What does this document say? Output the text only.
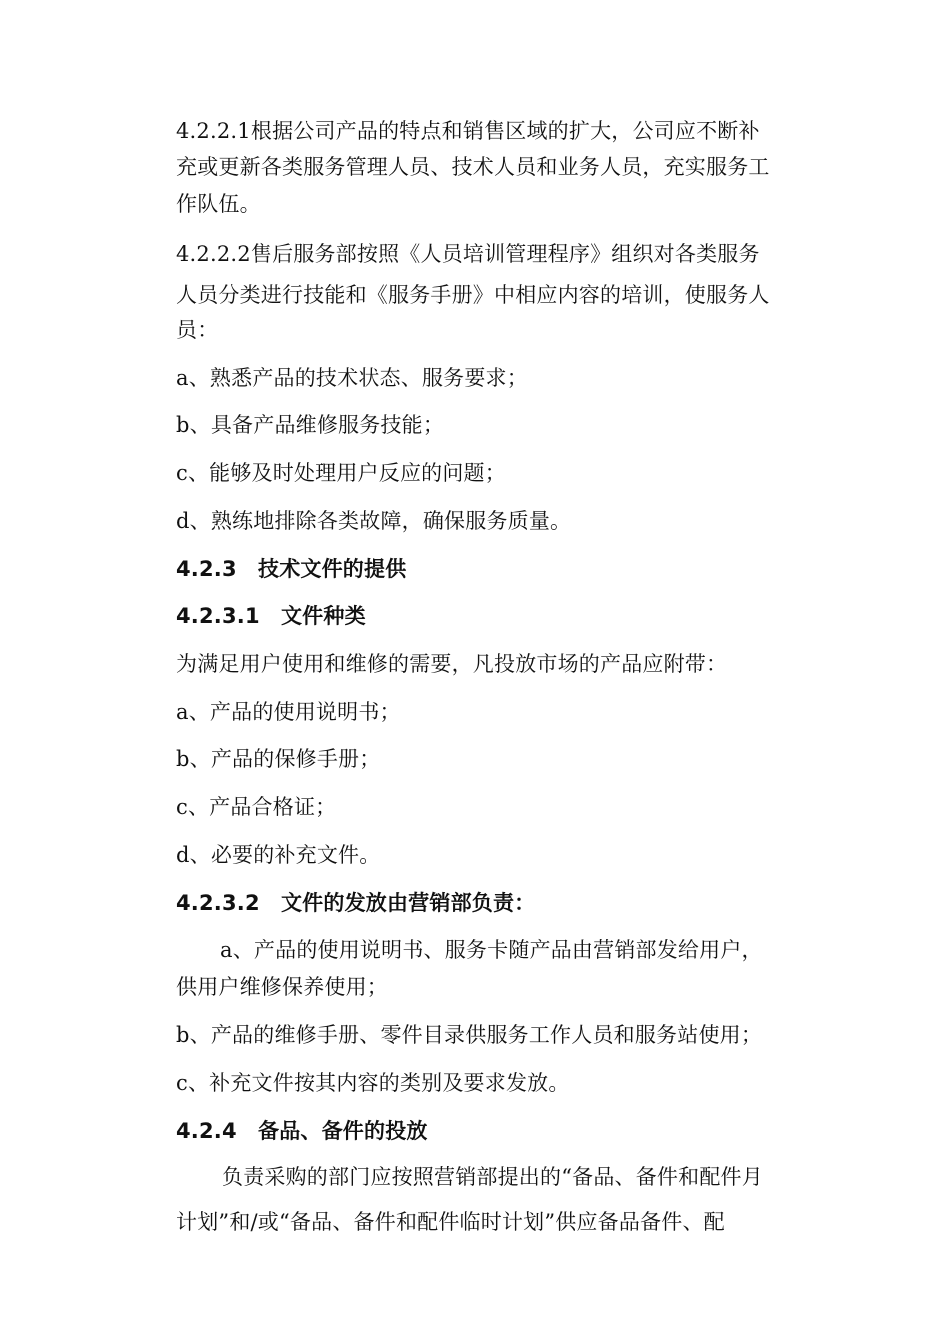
4.2.2.1根据公司产品的特点和销售区域的扩大，公司应不断补
充或更新各类服务管理人员、技术人员和业务人员，充实服务工
作队伍。
4.2.2.2售后服务部按照《人员培训管理程序》组织对各类服务
人员分类进行技能和《服务手册》中相应内容的培训，使服务人
员：
a、熟悉产品的技术状态、服务要求；
b、具备产品维修服务技能；
c、能够及时处理用户反应的问题；
d、熟练地排除各类故障，确保服务质量。
4.2.3　技术文件的提供
4.2.3.1　文件种类
为满足用户使用和维修的需要，凡投放市场的产品应附带：
a、产品的使用说明书；
b、产品的保修手册；
c、产品合格证；
d、必要的补充文件。
4.2.3.2　文件的发放由营销部负责：
a、产品的使用说明书、服务卡随产品由营销部发给用户，
供用户维修保养使用；
b、产品的维修手册、零件目录供服务工作人员和服务站使用；
c、补充文件按其内容的类别及要求发放。
4.2.4　备品、备件的投放
负责采购的部门应按照营销部提出的“备品、备件和配件月
计划”和/或“备品、备件和配件临时计划”供应备品备件、配
